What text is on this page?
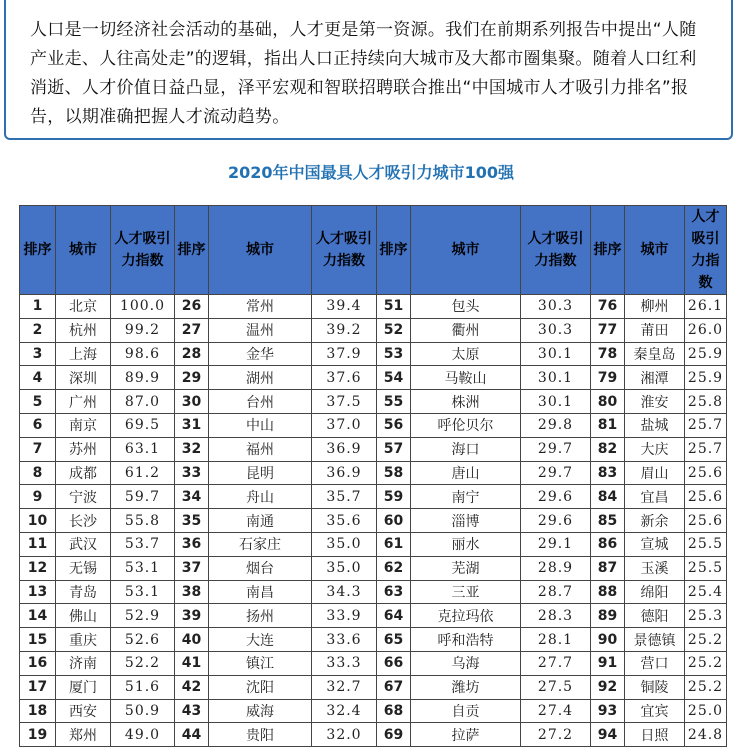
人口是一切经济社会活动的基础，人才更是第一资源。我们在前期系列报告中提出“人随产业走、人往高处走”的逻辑，指出人口正持续向大城市及大都市圈集聚。随着人口红利消逝、人才价值日益凸显，泽平宏观和智联招聘联合推出“中国城市人才吸引力排名”报告，以期准确把握人才流动趋势。

2020年中国最具人才吸引力城市100强
排序	城市	人才吸引力指数	排序	城市	人才吸引力指数	排序	城市	人才吸引力指数	排序	城市	人才吸引力指数
1	北京	100.0	26	常州	39.4	51	包头	30.3	76	柳州	26.1
2	杭州	99.2	27	温州	39.2	52	衢州	30.3	77	莆田	26.0
3	上海	98.6	28	金华	37.9	53	太原	30.1	78	秦皇岛	25.9
4	深圳	89.9	29	湖州	37.6	54	马鞍山	30.1	79	湘潭	25.9
5	广州	87.0	30	台州	37.5	55	株洲	30.1	80	淮安	25.8
6	南京	69.5	31	中山	37.0	56	呼伦贝尔	29.8	81	盐城	25.7
7	苏州	63.1	32	福州	36.9	57	海口	29.7	82	大庆	25.7
8	成都	61.2	33	昆明	36.9	58	唐山	29.7	83	眉山	25.6
9	宁波	59.7	34	舟山	35.7	59	南宁	29.6	84	宜昌	25.6
10	长沙	55.8	35	南通	35.6	60	淄博	29.6	85	新余	25.6
11	武汉	53.7	36	石家庄	35.0	61	丽水	29.1	86	宣城	25.5
12	无锡	53.1	37	烟台	35.0	62	芜湖	28.9	87	玉溪	25.5
13	青岛	53.1	38	南昌	34.3	63	三亚	28.7	88	绵阳	25.4
14	佛山	52.9	39	扬州	33.9	64	克拉玛依	28.3	89	德阳	25.3
15	重庆	52.6	40	大连	33.6	65	呼和浩特	28.1	90	景德镇	25.2
16	济南	52.2	41	镇江	33.3	66	乌海	27.7	91	营口	25.2
17	厦门	51.6	42	沈阳	32.7	67	潍坊	27.5	92	铜陵	25.2
18	西安	50.9	43	威海	32.4	68	自贡	27.4	93	宜宾	25.0
19	郑州	49.0	44	贵阳	32.0	69	拉萨	27.2	94	日照	24.8
